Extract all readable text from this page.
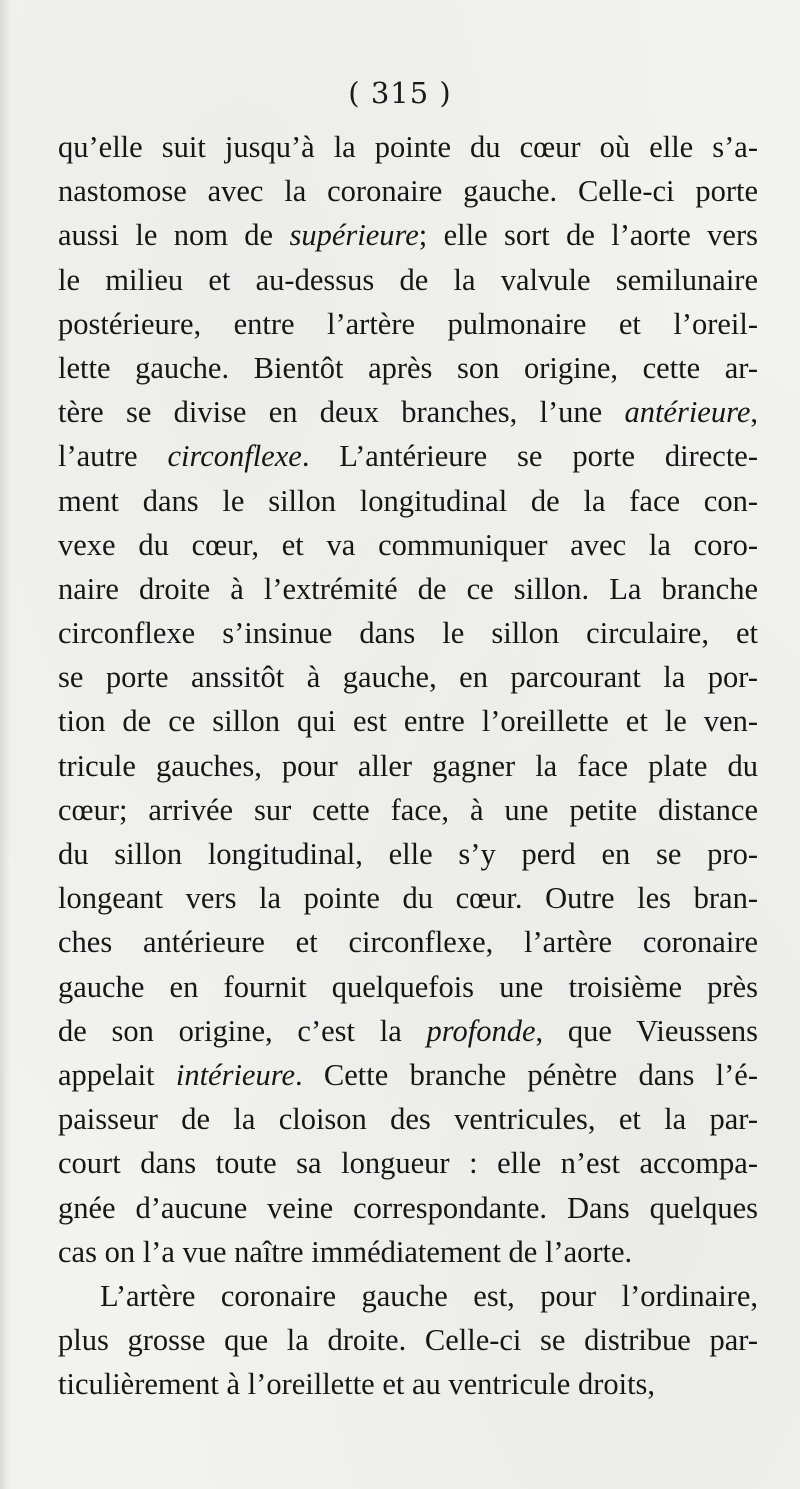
( 315 )
qu’elle suit jusqu’à la pointe du cœur où elle s’a-
nastomose avec la coronaire gauche. Celle-ci porte
aussi le nom de supérieure; elle sort de l’aorte vers
le milieu et au-dessus de la valvule semilunaire
postérieure, entre l’artère pulmonaire et l’oreil-
lette gauche. Bientôt après son origine, cette ar-
tère se divise en deux branches, l’une antérieure,
l’autre circonflexe. L’antérieure se porte directe-
ment dans le sillon longitudinal de la face con-
vexe du cœur, et va communiquer avec la coro-
naire droite à l’extrémité de ce sillon. La branche
circonflexe s’insinue dans le sillon circulaire, et
se porte anssitôt à gauche, en parcourant la por-
tion de ce sillon qui est entre l’oreillette et le ven-
tricule gauches, pour aller gagner la face plate du
cœur; arrivée sur cette face, à une petite distance
du sillon longitudinal, elle s’y perd en se pro-
longeant vers la pointe du cœur. Outre les bran-
ches antérieure et circonflexe, l’artère coronaire
gauche en fournit quelquefois une troisième près
de son origine, c’est la profonde, que Vieussens
appelait intérieure. Cette branche pénètre dans l’é-
paisseur de la cloison des ventricules, et la par-
court dans toute sa longueur : elle n’est accompa-
gnée d’aucune veine correspondante. Dans quelques
cas on l’a vue naître immédiatement de l’aorte.
L’artère coronaire gauche est, pour l’ordinaire,
plus grosse que la droite. Celle-ci se distribue par-
ticulièrement à l’oreillette et au ventricule droits,
